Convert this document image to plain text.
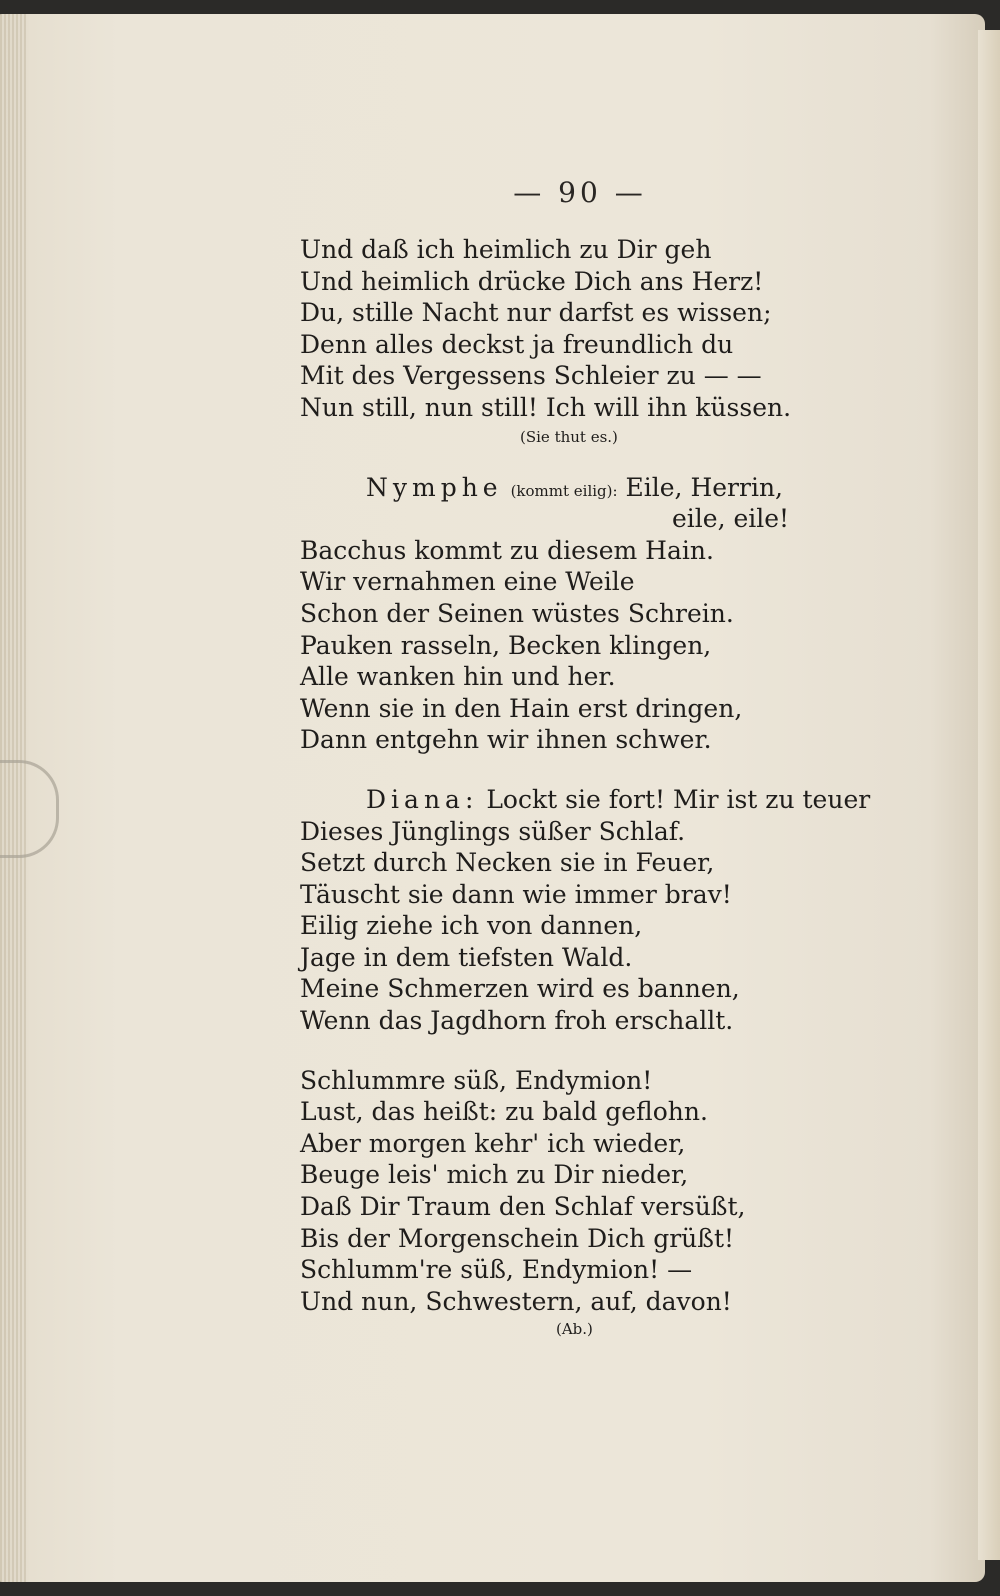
— 90 —
Und daß ich heimlich zu Dir geh
Und heimlich drücke Dich ans Herz!
Du, stille Nacht nur darfst es wissen;
Denn alles deckst ja freundlich du
Mit des Vergessens Schleier zu — —
Nun still, nun still! Ich will ihn küssen.
(Sie thut es.)
Nymphe (kommt eilig): Eile, Herrin,
eile, eile!
Bacchus kommt zu diesem Hain.
Wir vernahmen eine Weile
Schon der Seinen wüstes Schrein.
Pauken rasseln, Becken klingen,
Alle wanken hin und her.
Wenn sie in den Hain erst dringen,
Dann entgehn wir ihnen schwer.
Diana: Lockt sie fort! Mir ist zu teuer
Dieses Jünglings süßer Schlaf.
Setzt durch Necken sie in Feuer,
Täuscht sie dann wie immer brav!
Eilig ziehe ich von dannen,
Jage in dem tiefsten Wald.
Meine Schmerzen wird es bannen,
Wenn das Jagdhorn froh erschallt.
Schlummre süß, Endymion!
Lust, das heißt: zu bald geflohn.
Aber morgen kehr' ich wieder,
Beuge leis' mich zu Dir nieder,
Daß Dir Traum den Schlaf versüßt,
Bis der Morgenschein Dich grüßt!
Schlumm're süß, Endymion! —
Und nun, Schwestern, auf, davon!
(Ab.)
